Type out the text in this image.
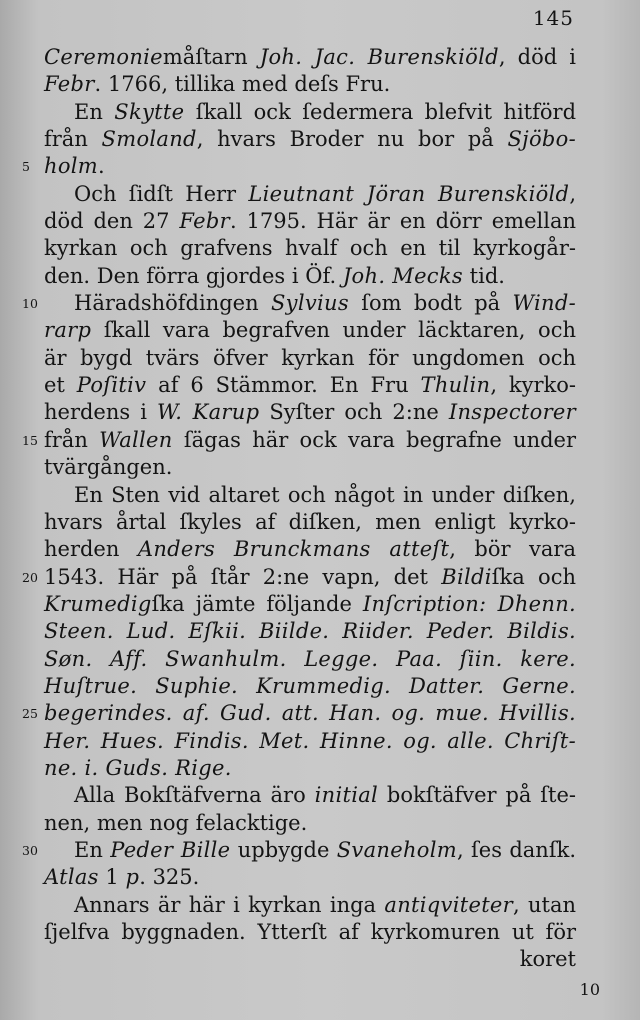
145
Ceremoniemåſtarn Joh. Jac. Burenskiöld, död i
Febr. 1766, tillika med deſs Fru.
En Skytte ſkall ock ſedermera blefvit hitförd
från Smoland, hvars Broder nu bor på Sjöbo-
5 holm.
Och ſidſt Herr Lieutnant Jöran Burenskiöld,
död den 27 Febr. 1795. Här är en dörr emellan
kyrkan och grafvens hvalf och en til kyrkogår-
den. Den förra gjordes i Öf. Joh. Mecks tid.
10 Häradshöfdingen Sylvius ſom bodt på Wind-
rarp ſkall vara begrafven under läcktaren, och
är bygd tvärs öfver kyrkan för ungdomen och
et Poſitiv af 6 Stämmor. En Fru Thulin, kyrko-
herdens i W. Karup Syſter och 2:ne Inspectorer
15 från Wallen ſägas här ock vara begrafne under
tvärgången.
En Sten vid altaret och något in under diſken,
hvars årtal ſkyles af diſken, men enligt kyrko-
herden Anders Brunckmans atteſt, bör vara
20 1543. Här på ſtår 2:ne vapn, det Bildiſka och
Krumedigſka jämte följande Inſcription: Dhenn.
Steen. Lud. Eſkii. Biilde. Riider. Peder. Bildis.
Søn. Aff. Swanhulm. Legge. Paa. ſiin. kere.
Huſtrue. Suphie. Krummedig. Datter. Gerne.
25 begerindes. af. Gud. att. Han. og. mue. Hvillis.
Her. Hues. Findis. Met. Hinne. og. alle. Chriſt-
ne. i. Guds. Rige.
Alla Bokſtäfverna äro initial bokſtäfver på ſte-
nen, men nog felacktige.
30 En Peder Bille upbygde Svaneholm, ſes danſk.
Atlas 1 p. 325.
Annars är här i kyrkan inga antiqviteter, utan
ſjelfva byggnaden. Ytterſt af kyrkomuren ut för
koret
10
